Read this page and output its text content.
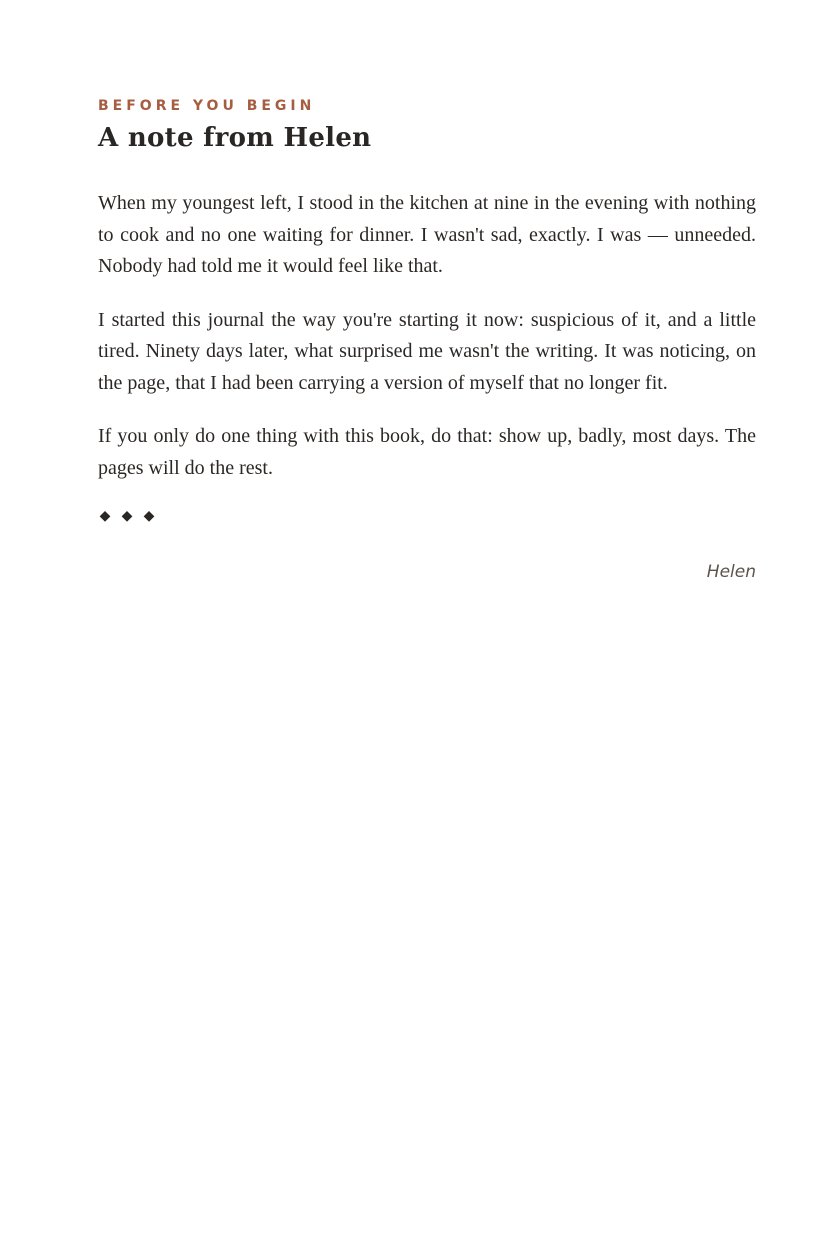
BEFORE YOU BEGIN
A note from Helen

When my youngest left, I stood in the kitchen at nine in the evening with nothing to cook and no one waiting for dinner. I wasn't sad, exactly. I was — unneeded. Nobody had told me it would feel like that.

I started this journal the way you're starting it now: suspicious of it, and a little tired. Ninety days later, what surprised me wasn't the writing. It was noticing, on the page, that I had been carrying a version of myself that no longer fit.

If you only do one thing with this book, do that: show up, badly, most days. The pages will do the rest.

◆ ◆ ◆
Helen
